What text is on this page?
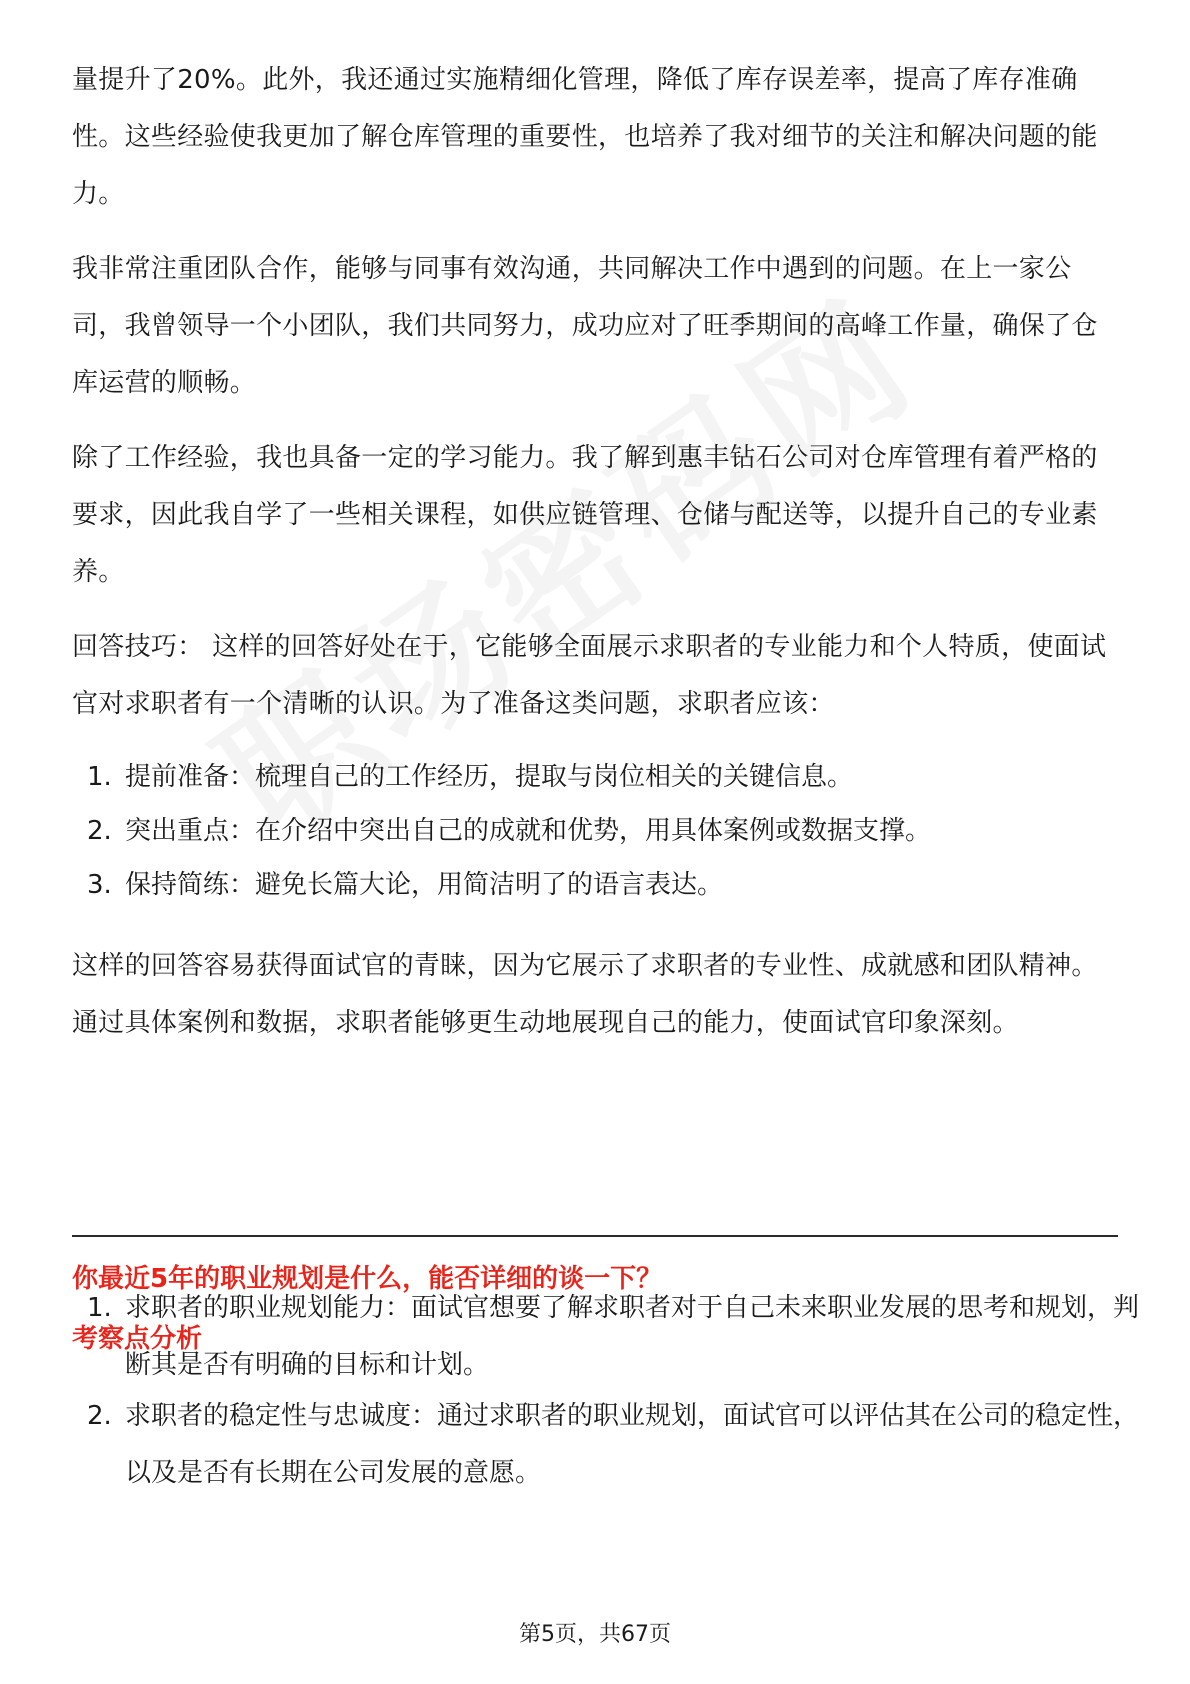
量提升了20%。此外，我还通过实施精细化管理，降低了库存误差率，提高了库存准确性。这些经验使我更加了解仓库管理的重要性，也培养了我对细节的关注和解决问题的能力。

我非常注重团队合作，能够与同事有效沟通，共同解决工作中遇到的问题。在上一家公司，我曾领导一个小团队，我们共同努力，成功应对了旺季期间的高峰工作量，确保了仓库运营的顺畅。

除了工作经验，我也具备一定的学习能力。我了解到惠丰钻石公司对仓库管理有着严格的要求，因此我自学了一些相关课程，如供应链管理、仓储与配送等，以提升自己的专业素养。

回答技巧： 这样的回答好处在于，它能够全面展示求职者的专业能力和个人特质，使面试官对求职者有一个清晰的认识。为了准备这类问题，求职者应该：

1. 提前准备：梳理自己的工作经历，提取与岗位相关的关键信息。
2. 突出重点：在介绍中突出自己的成就和优势，用具体案例或数据支撑。
3. 保持简练：避免长篇大论，用简洁明了的语言表达。

这样的回答容易获得面试官的青睐，因为它展示了求职者的专业性、成就感和团队精神。通过具体案例和数据，求职者能够更生动地展现自己的能力，使面试官印象深刻。

你最近5年的职业规划是什么，能否详细的谈一下？

考察点分析

1. 求职者的职业规划能力：面试官想要了解求职者对于自己未来职业发展的思考和规划，判断其是否有明确的目标和计划。
2. 求职者的稳定性与忠诚度：通过求职者的职业规划，面试官可以评估其在公司的稳定性，以及是否有长期在公司发展的意愿。
第5页，共67页
